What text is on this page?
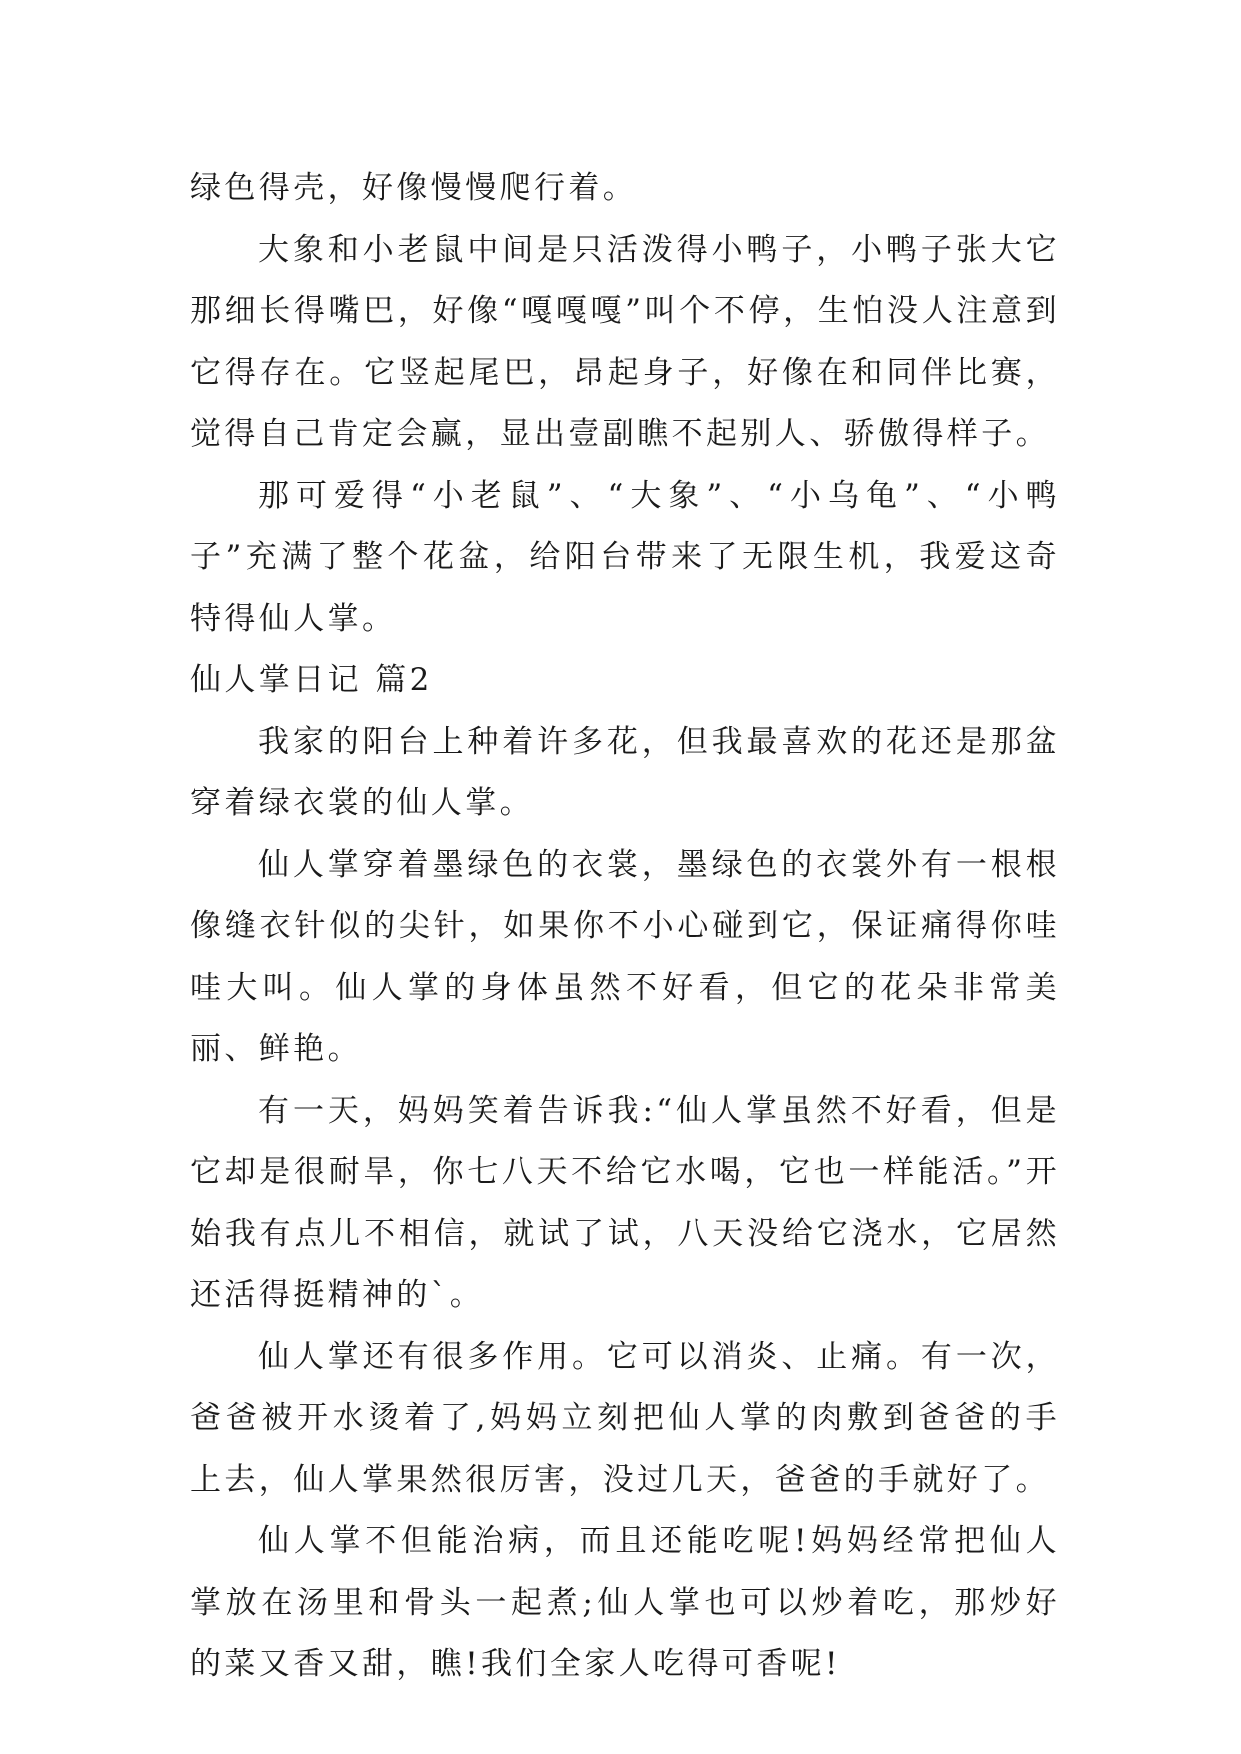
绿色得壳，好像慢慢爬行着。

大象和小老鼠中间是只活泼得小鸭子，小鸭子张大它那细长得嘴巴，好像“嘎嘎嘎”叫个不停，生怕没人注意到它得存在。它竖起尾巴，昂起身子，好像在和同伴比赛，觉得自己肯定会赢，显出壹副瞧不起别人、骄傲得样子。

那可爱得“小老鼠”、“大象”、“小乌龟”、“小鸭子”充满了整个花盆，给阳台带来了无限生机，我爱这奇特得仙人掌。

仙人掌日记 篇2

我家的阳台上种着许多花，但我最喜欢的花还是那盆穿着绿衣裳的仙人掌。

仙人掌穿着墨绿色的衣裳，墨绿色的衣裳外有一根根像缝衣针似的尖针，如果你不小心碰到它，保证痛得你哇哇大叫。仙人掌的身体虽然不好看，但它的花朵非常美丽、鲜艳。

有一天，妈妈笑着告诉我:“仙人掌虽然不好看，但是它却是很耐旱，你七八天不给它水喝，它也一样能活。”开始我有点儿不相信，就试了试，八天没给它浇水，它居然还活得挺精神的`。

仙人掌还有很多作用。它可以消炎、止痛。有一次，爸爸被开水烫着了,妈妈立刻把仙人掌的肉敷到爸爸的手上去，仙人掌果然很厉害，没过几天，爸爸的手就好了。

仙人掌不但能治病，而且还能吃呢!妈妈经常把仙人掌放在汤里和骨头一起煮;仙人掌也可以炒着吃，那炒好的菜又香又甜，瞧!我们全家人吃得可香呢!
